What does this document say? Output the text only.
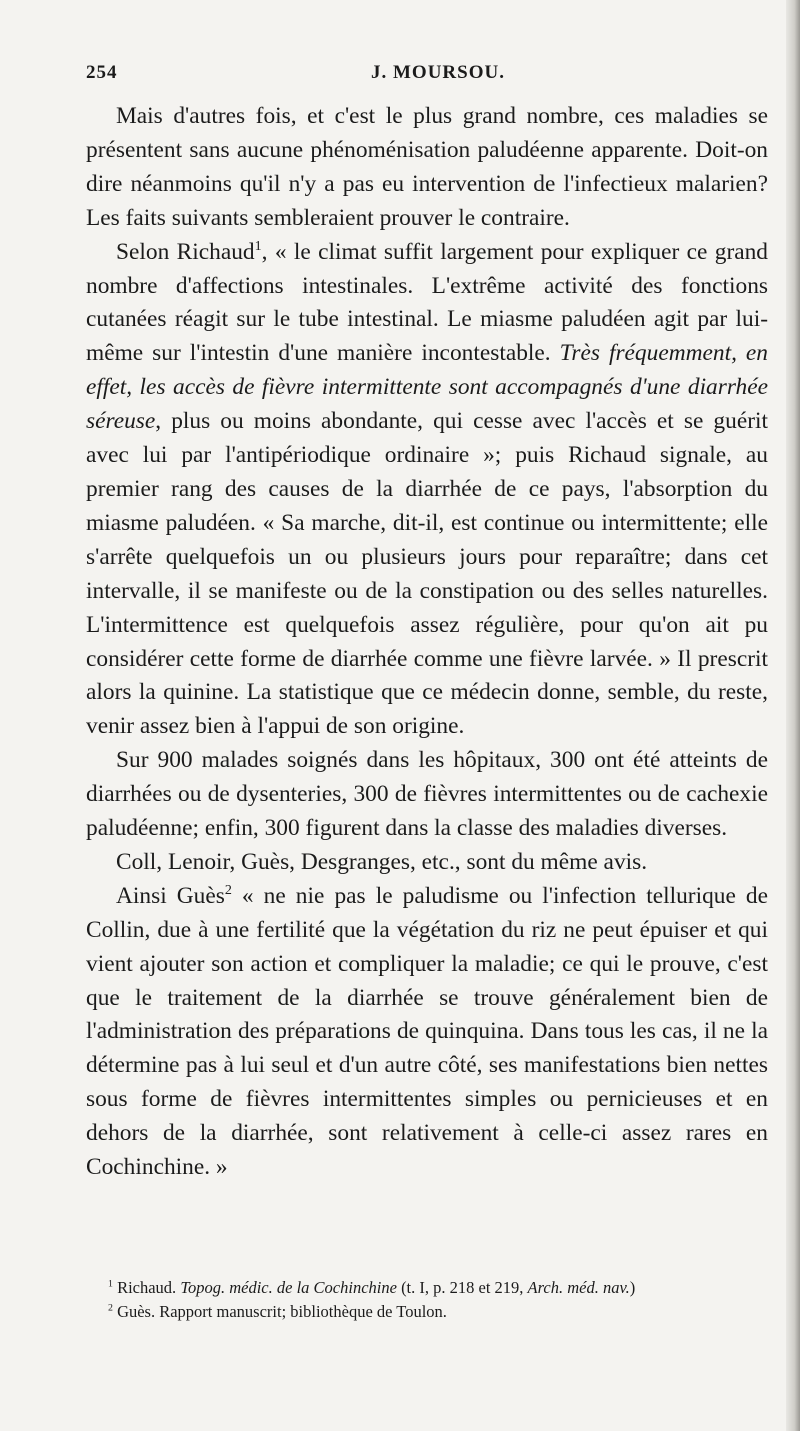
254	J. MOURSOU.

Mais d'autres fois, et c'est le plus grand nombre, ces maladies se présentent sans aucune phénoménisation paludéenne apparente. Doit-on dire néanmoins qu'il n'y a pas eu intervention de l'infectieux malarien? Les faits suivants sembleraient prouver le contraire.

Selon Richaud$^1$, « le climat suffit largement pour expliquer ce grand nombre d'affections intestinales. L'extrême activité des fonctions cutanées réagit sur le tube intestinal. Le miasme paludéen agit par lui-même sur l'intestin d'une manière incontestable. Très fréquemment, en effet, les accès de fièvre intermittente sont accompagnés d'une diarrhée séreuse, plus ou moins abondante, qui cesse avec l'accès et se guérit avec lui par l'antipériodique ordinaire »; puis Richaud signale, au premier rang des causes de la diarrhée de ce pays, l'absorption du miasme paludéen. « Sa marche, dit-il, est continue ou intermittente; elle s'arrête quelquefois un ou plusieurs jours pour reparaître; dans cet intervalle, il se manifeste ou de la constipation ou des selles naturelles. L'intermittence est quelquefois assez régulière, pour qu'on ait pu considérer cette forme de diarrhée comme une fièvre larvée. » Il prescrit alors la quinine. La statistique que ce médecin donne, semble, du reste, venir assez bien à l'appui de son origine.

Sur 900 malades soignés dans les hôpitaux, 300 ont été atteints de diarrhées ou de dysenteries, 300 de fièvres intermittentes ou de cachexie paludéenne; enfin, 300 figurent dans la classe des maladies diverses.

Coll, Lenoir, Guès, Desgranges, etc., sont du même avis.

Ainsi Guès$^2$ « ne nie pas le paludisme ou l'infection tellurique de Collin, due à une fertilité que la végétation du riz ne peut épuiser et qui vient ajouter son action et compliquer la maladie; ce qui le prouve, c'est que le traitement de la diarrhée se trouve généralement bien de l'administration des préparations de quinquina. Dans tous les cas, il ne la détermine pas à lui seul et d'un autre côté, ses manifestations bien nettes sous forme de fièvres intermittentes simples ou pernicieuses et en dehors de la diarrhée, sont relativement à celle-ci assez rares en Cochinchine. »

$^1$ Richaud. Topog. médic. de la Cochinchine (t. I, p. 218 et 219, Arch. méd. nav.)

$^2$ Guès. Rapport manuscrit; bibliothèque de Toulon.
